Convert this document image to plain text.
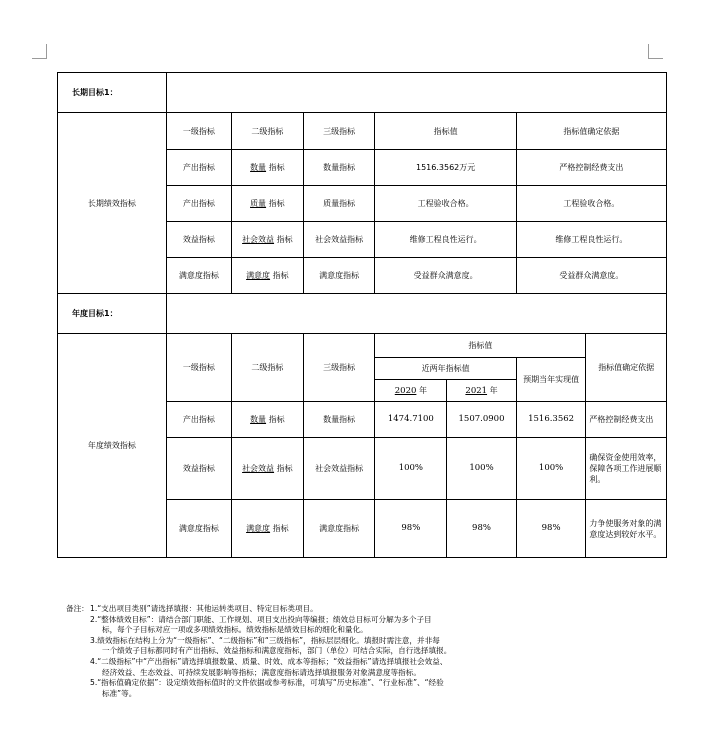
长期目标1：							
长期绩效指标	一级指标	二级指标	三级指标	指标值		指标值确定依据	
	产出指标	数量 指标	数量指标	1516.3562万元		严格控制经费支出	
	产出指标	质量 指标	质量指标	工程验收合格。		工程验收合格。	
	效益指标	社会效益 指标	社会效益指标	维修工程良性运行。		维修工程良性运行。	
	满意度指标	满意度 指标	满意度指标	受益群众满意度。		受益群众满意度。	
年度目标1：							
年度绩效指标	一级指标	二级指标	三级指标	指标值			指标值确定依据
				近两年指标值		预期当年实现值	
				2020 年	2021 年		
	产出指标	数量 指标	数量指标	1474.7100	1507.0900	1516.3562	严格控制经费支出
	效益指标	社会效益 指标	社会效益指标	100%	100%	100%	确保资金使用效率，保障各项工作进展顺利。
	满意度指标	满意度 指标	满意度指标	98%	98%	98%	力争使服务对象的满意度达到较好水平。
备注： 1.“支出项目类别”请选择填报：其他运转类项目、特定目标类项目。
2.“整体绩效目标”：请结合部门职能、工作规划、项目支出投向等编报；绩效总目标可分解为多个子目
标，每个子目标对应一项或多项绩效指标。绩效指标是绩效目标的细化和量化。
3.绩效指标在结构上分为“一级指标”、“二级指标”和“三级指标”，指标层层细化。填报时需注意，并非每
一个绩效子目标都同时有产出指标、效益指标和满意度指标，部门（单位）可结合实际，自行选择填报。
4.“二级指标”中“产出指标”请选择填报数量、质量、时效、成本等指标；“效益指标”请选择填报社会效益、
经济效益、生态效益、可持续发展影响等指标；满意度指标请选择填报服务对象满意度等指标。
5.“指标值确定依据”：设定绩效指标值时的文件依据或参考标准，可填写“历史标准”、“行业标准”、“经验
标准”等。
